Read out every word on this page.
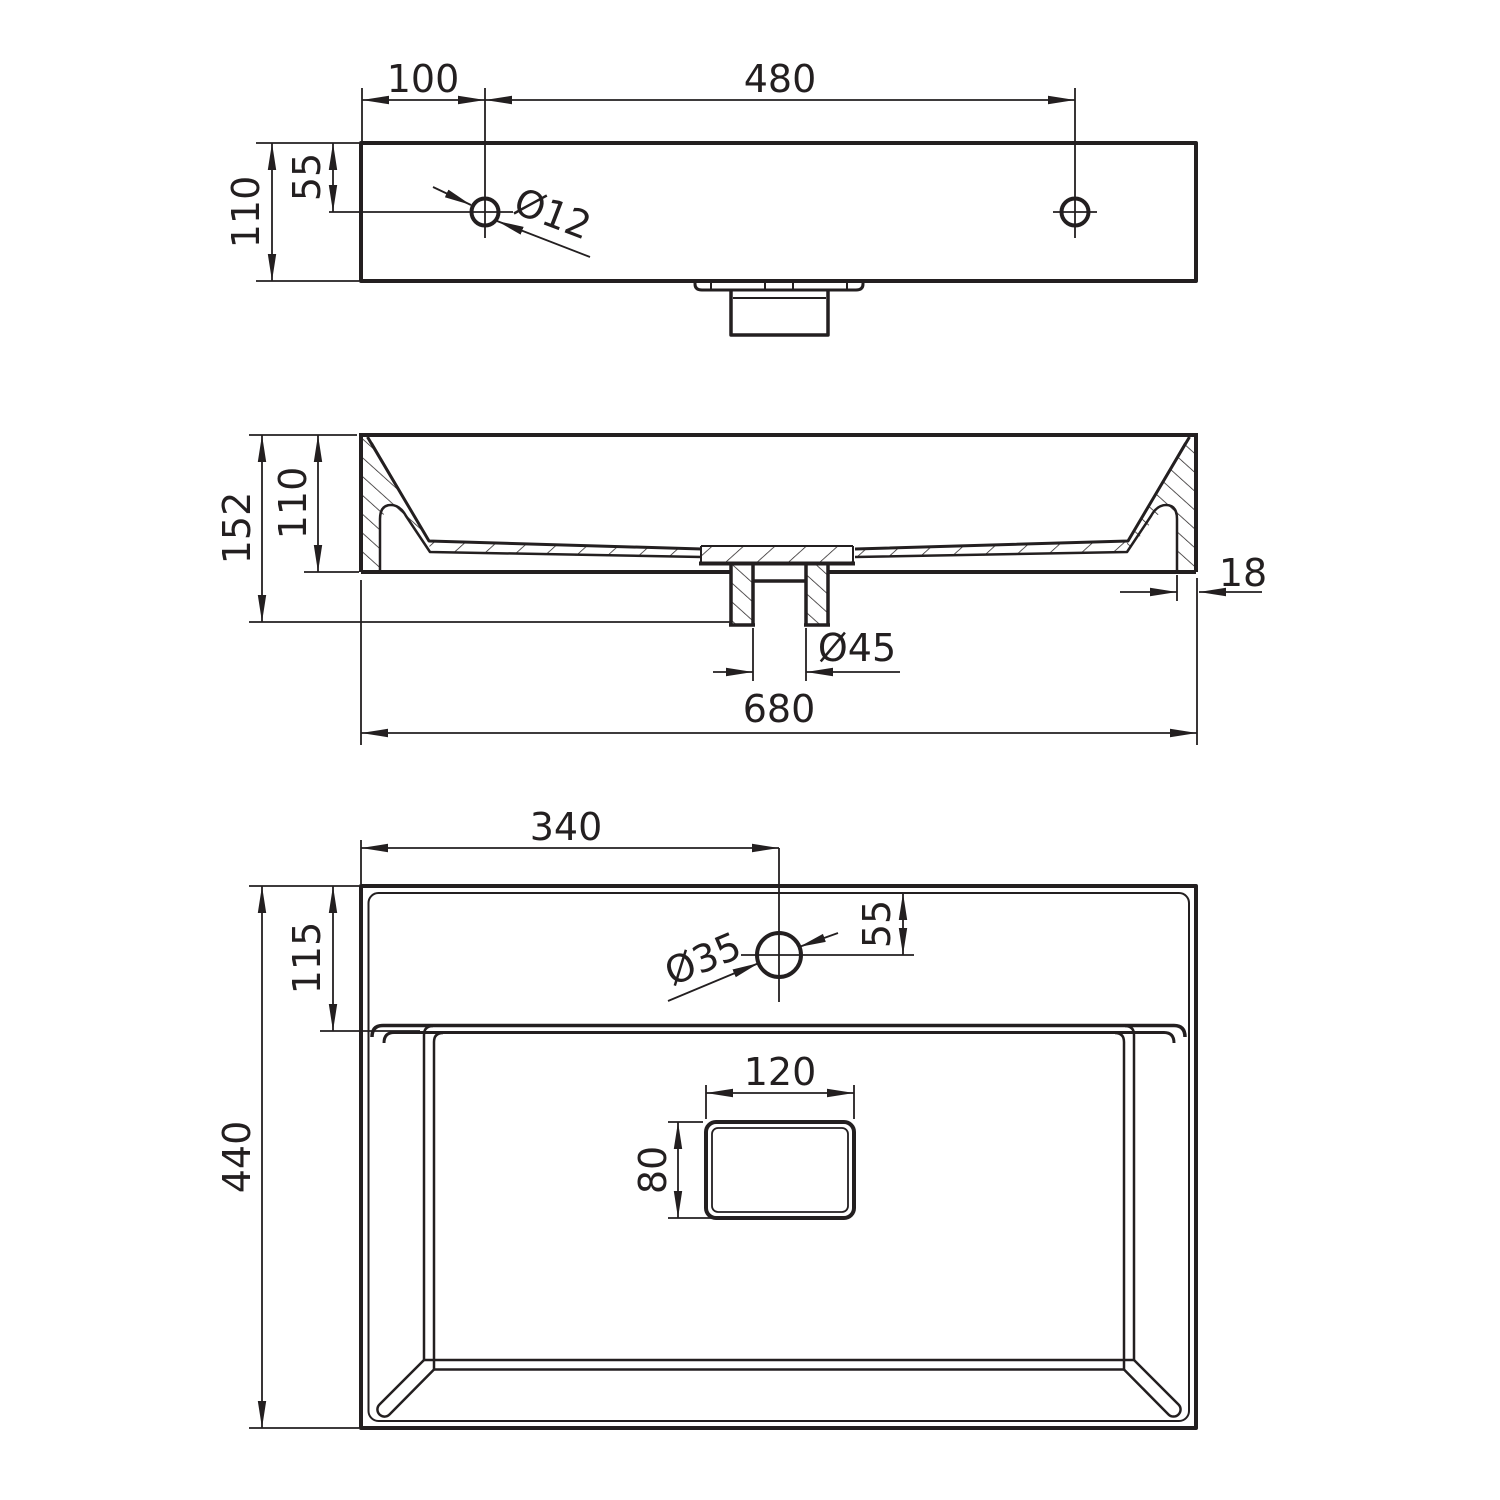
100	480
110 55
Ø12
152 110
18
Ø45
680
340
115
440
55
Ø35
120
80
